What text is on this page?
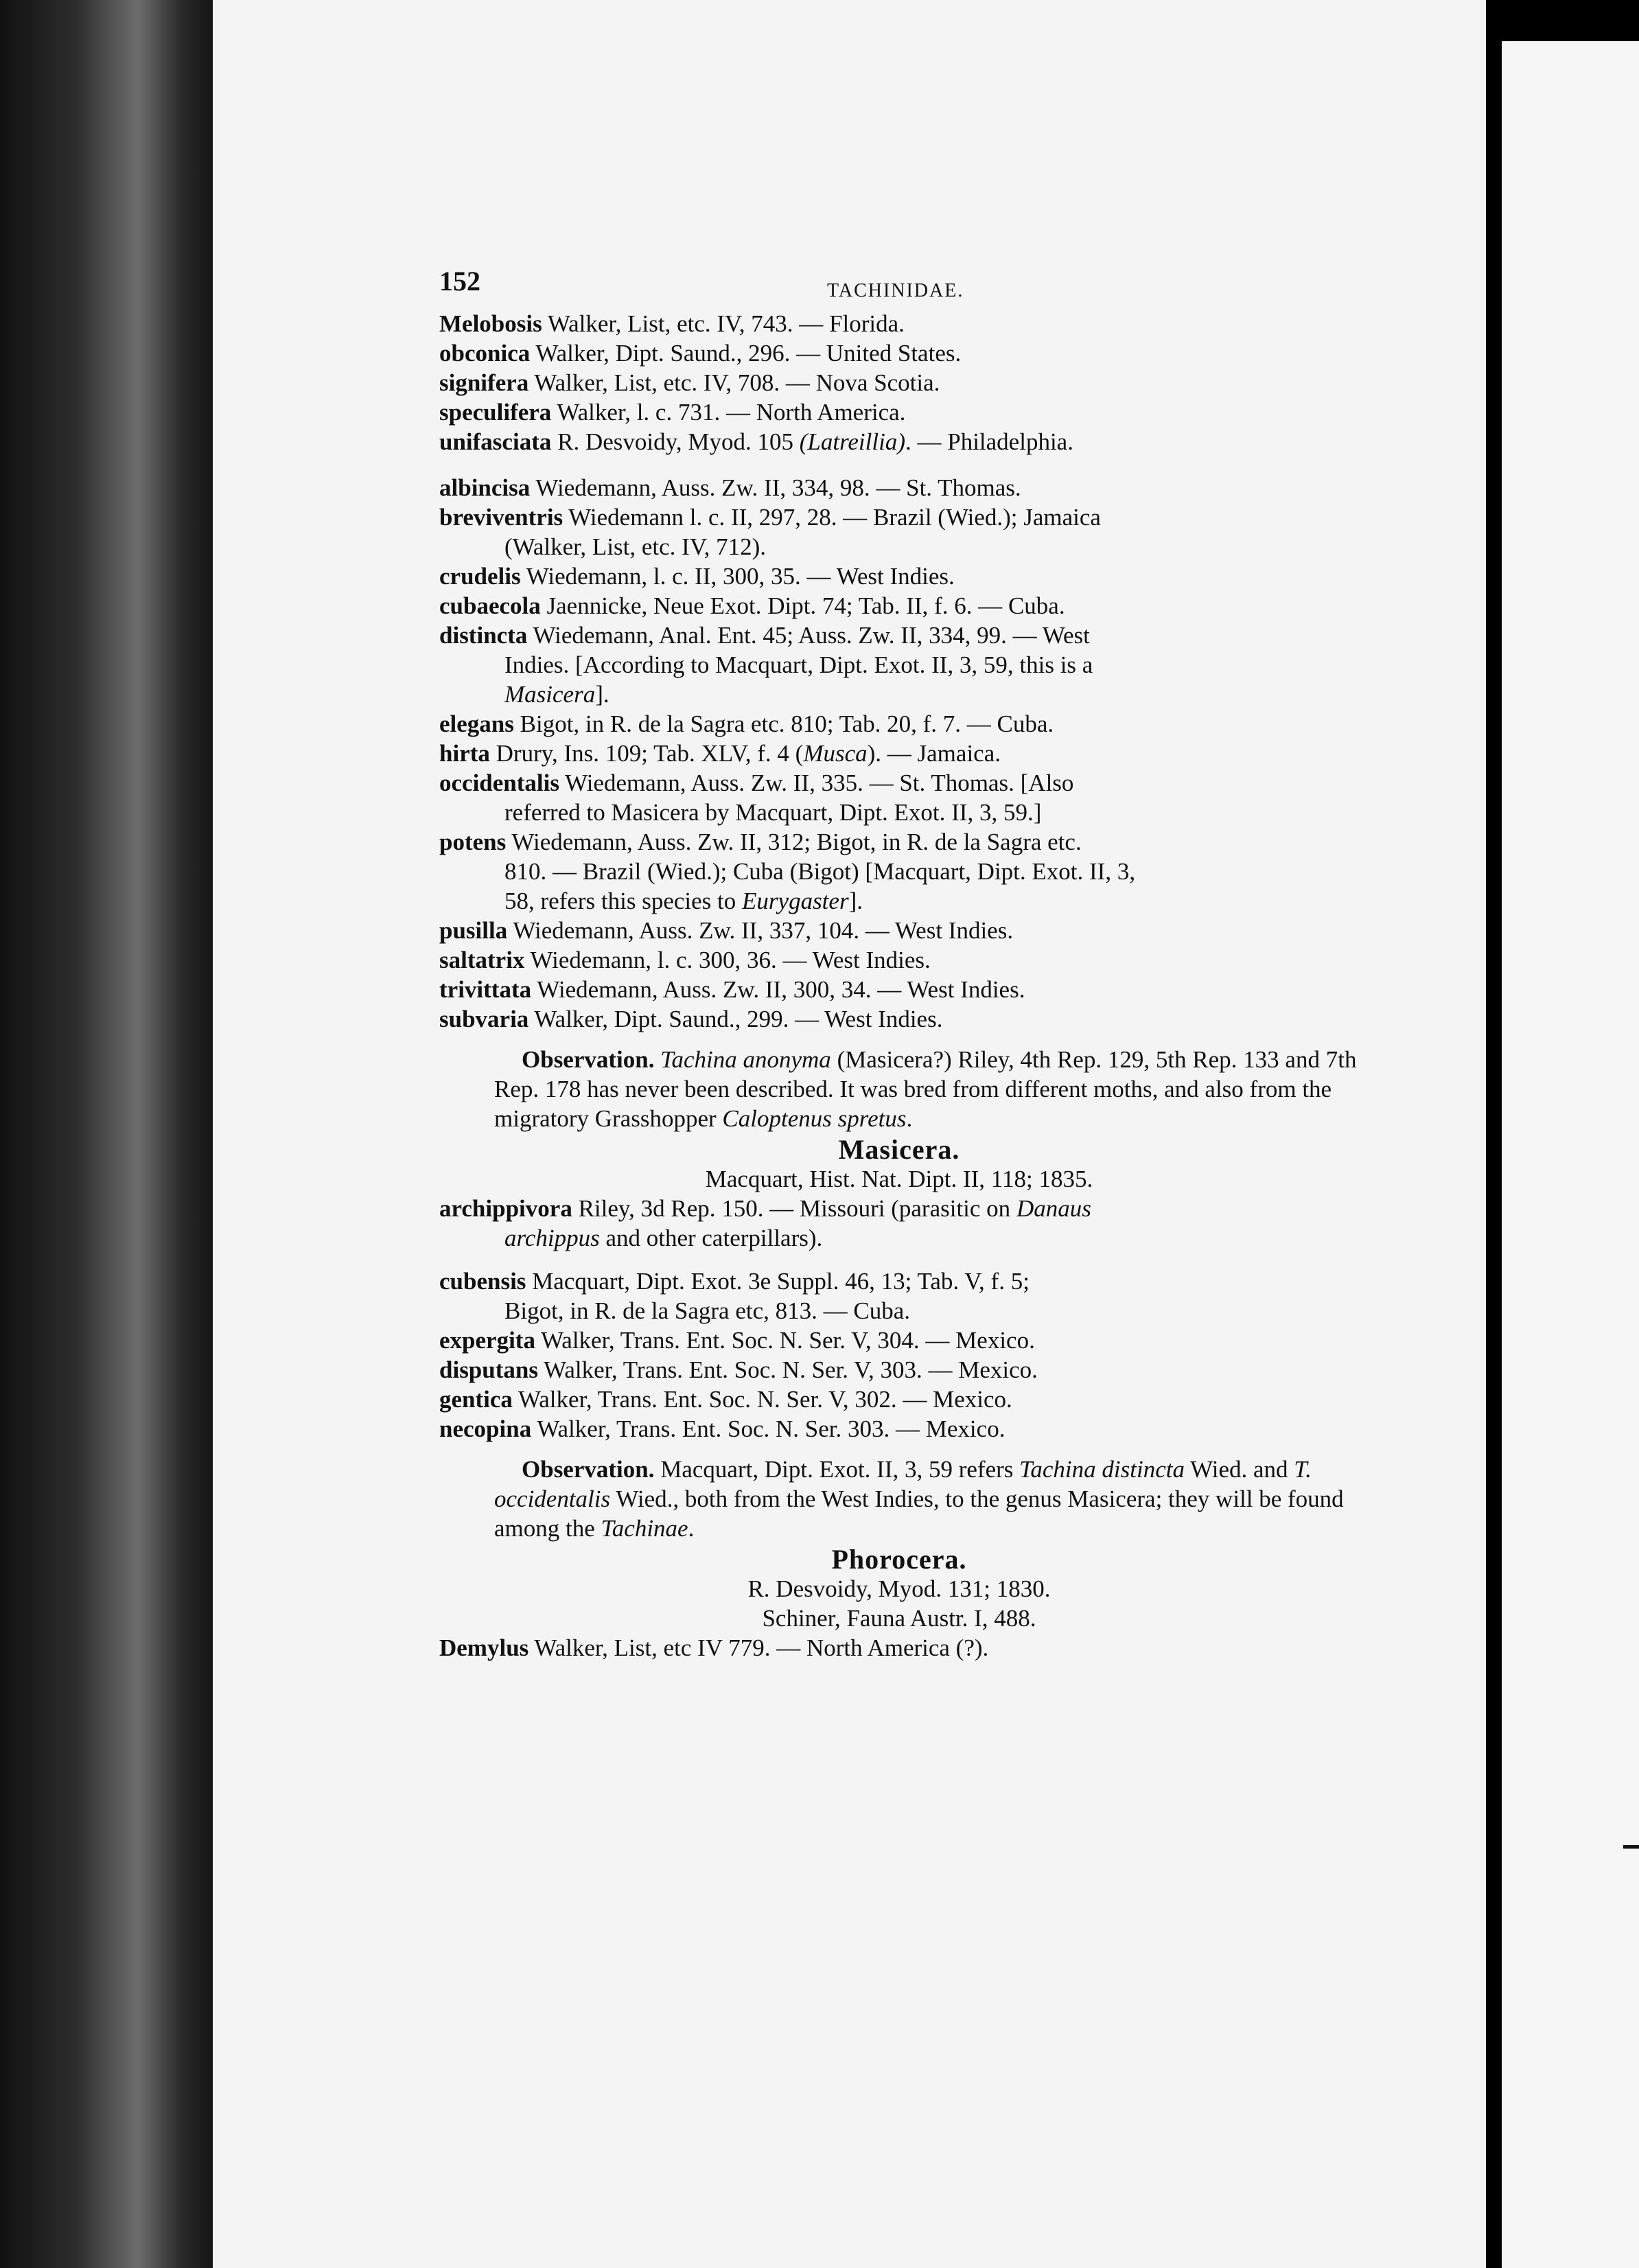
152	TACHINIDAE.
Melobosis Walker, List, etc. IV, 743. — Florida.
obconica Walker, Dipt. Saund., 296. — United States.
signifera Walker, List, etc. IV, 708. — Nova Scotia.
speculifera Walker, l. c. 731. — North America.
unifasciata R. Desvoidy, Myod. 105 (Latreillia). — Philadelphia.
albincisa Wiedemann, Auss. Zw. II, 334, 98. — St. Thomas.
breviventris Wiedemann l. c. II, 297, 28. — Brazil (Wied.); Jamaica
(Walker, List, etc. IV, 712).
crudelis Wiedemann, l. c. II, 300, 35. — West Indies.
cubaecola Jaennicke, Neue Exot. Dipt. 74; Tab. II, f. 6. — Cuba.
distincta Wiedemann, Anal. Ent. 45; Auss. Zw. II, 334, 99. — West
Indies. [According to Macquart, Dipt. Exot. II, 3, 59, this is a
Masicera].
elegans Bigot, in R. de la Sagra etc. 810; Tab. 20, f. 7. — Cuba.
hirta Drury, Ins. 109; Tab. XLV, f. 4 (Musca). — Jamaica.
occidentalis Wiedemann, Auss. Zw. II, 335. — St. Thomas. [Also
referred to Masicera by Macquart, Dipt. Exot. II, 3, 59.]
potens Wiedemann, Auss. Zw. II, 312; Bigot, in R. de la Sagra etc.
810. — Brazil (Wied.); Cuba (Bigot) [Macquart, Dipt. Exot. II, 3,
58, refers this species to Eurygaster].
pusilla Wiedemann, Auss. Zw. II, 337, 104. — West Indies.
saltatrix Wiedemann, l. c. 300, 36. — West Indies.
trivittata Wiedemann, Auss. Zw. II, 300, 34. — West Indies.
subvaria Walker, Dipt. Saund., 299. — West Indies.
Observation. Tachina anonyma (Masicera?) Riley, 4th Rep. 129, 5th Rep. 133 and 7th Rep. 178 has never been described. It was bred from different moths, and also from the migratory Grasshopper Caloptenus spretus.
Masicera.
Macquart, Hist. Nat. Dipt. II, 118; 1835.
archippivora Riley, 3d Rep. 150. — Missouri (parasitic on Danaus
archippus and other caterpillars).
cubensis Macquart, Dipt. Exot. 3e Suppl. 46, 13; Tab. V, f. 5;
Bigot, in R. de la Sagra etc, 813. — Cuba.
expergita Walker, Trans. Ent. Soc. N. Ser. V, 304. — Mexico.
disputans Walker, Trans. Ent. Soc. N. Ser. V, 303. — Mexico.
gentica Walker, Trans. Ent. Soc. N. Ser. V, 302. — Mexico.
necopina Walker, Trans. Ent. Soc. N. Ser. 303. — Mexico.
Observation. Macquart, Dipt. Exot. II, 3, 59 refers Tachina distincta Wied. and T. occidentalis Wied., both from the West Indies, to the genus Masicera; they will be found among the Tachinae.
Phorocera.
R. Desvoidy, Myod. 131; 1830.
Schiner, Fauna Austr. I, 488.
Demylus Walker, List, etc IV 779. — North America (?).
